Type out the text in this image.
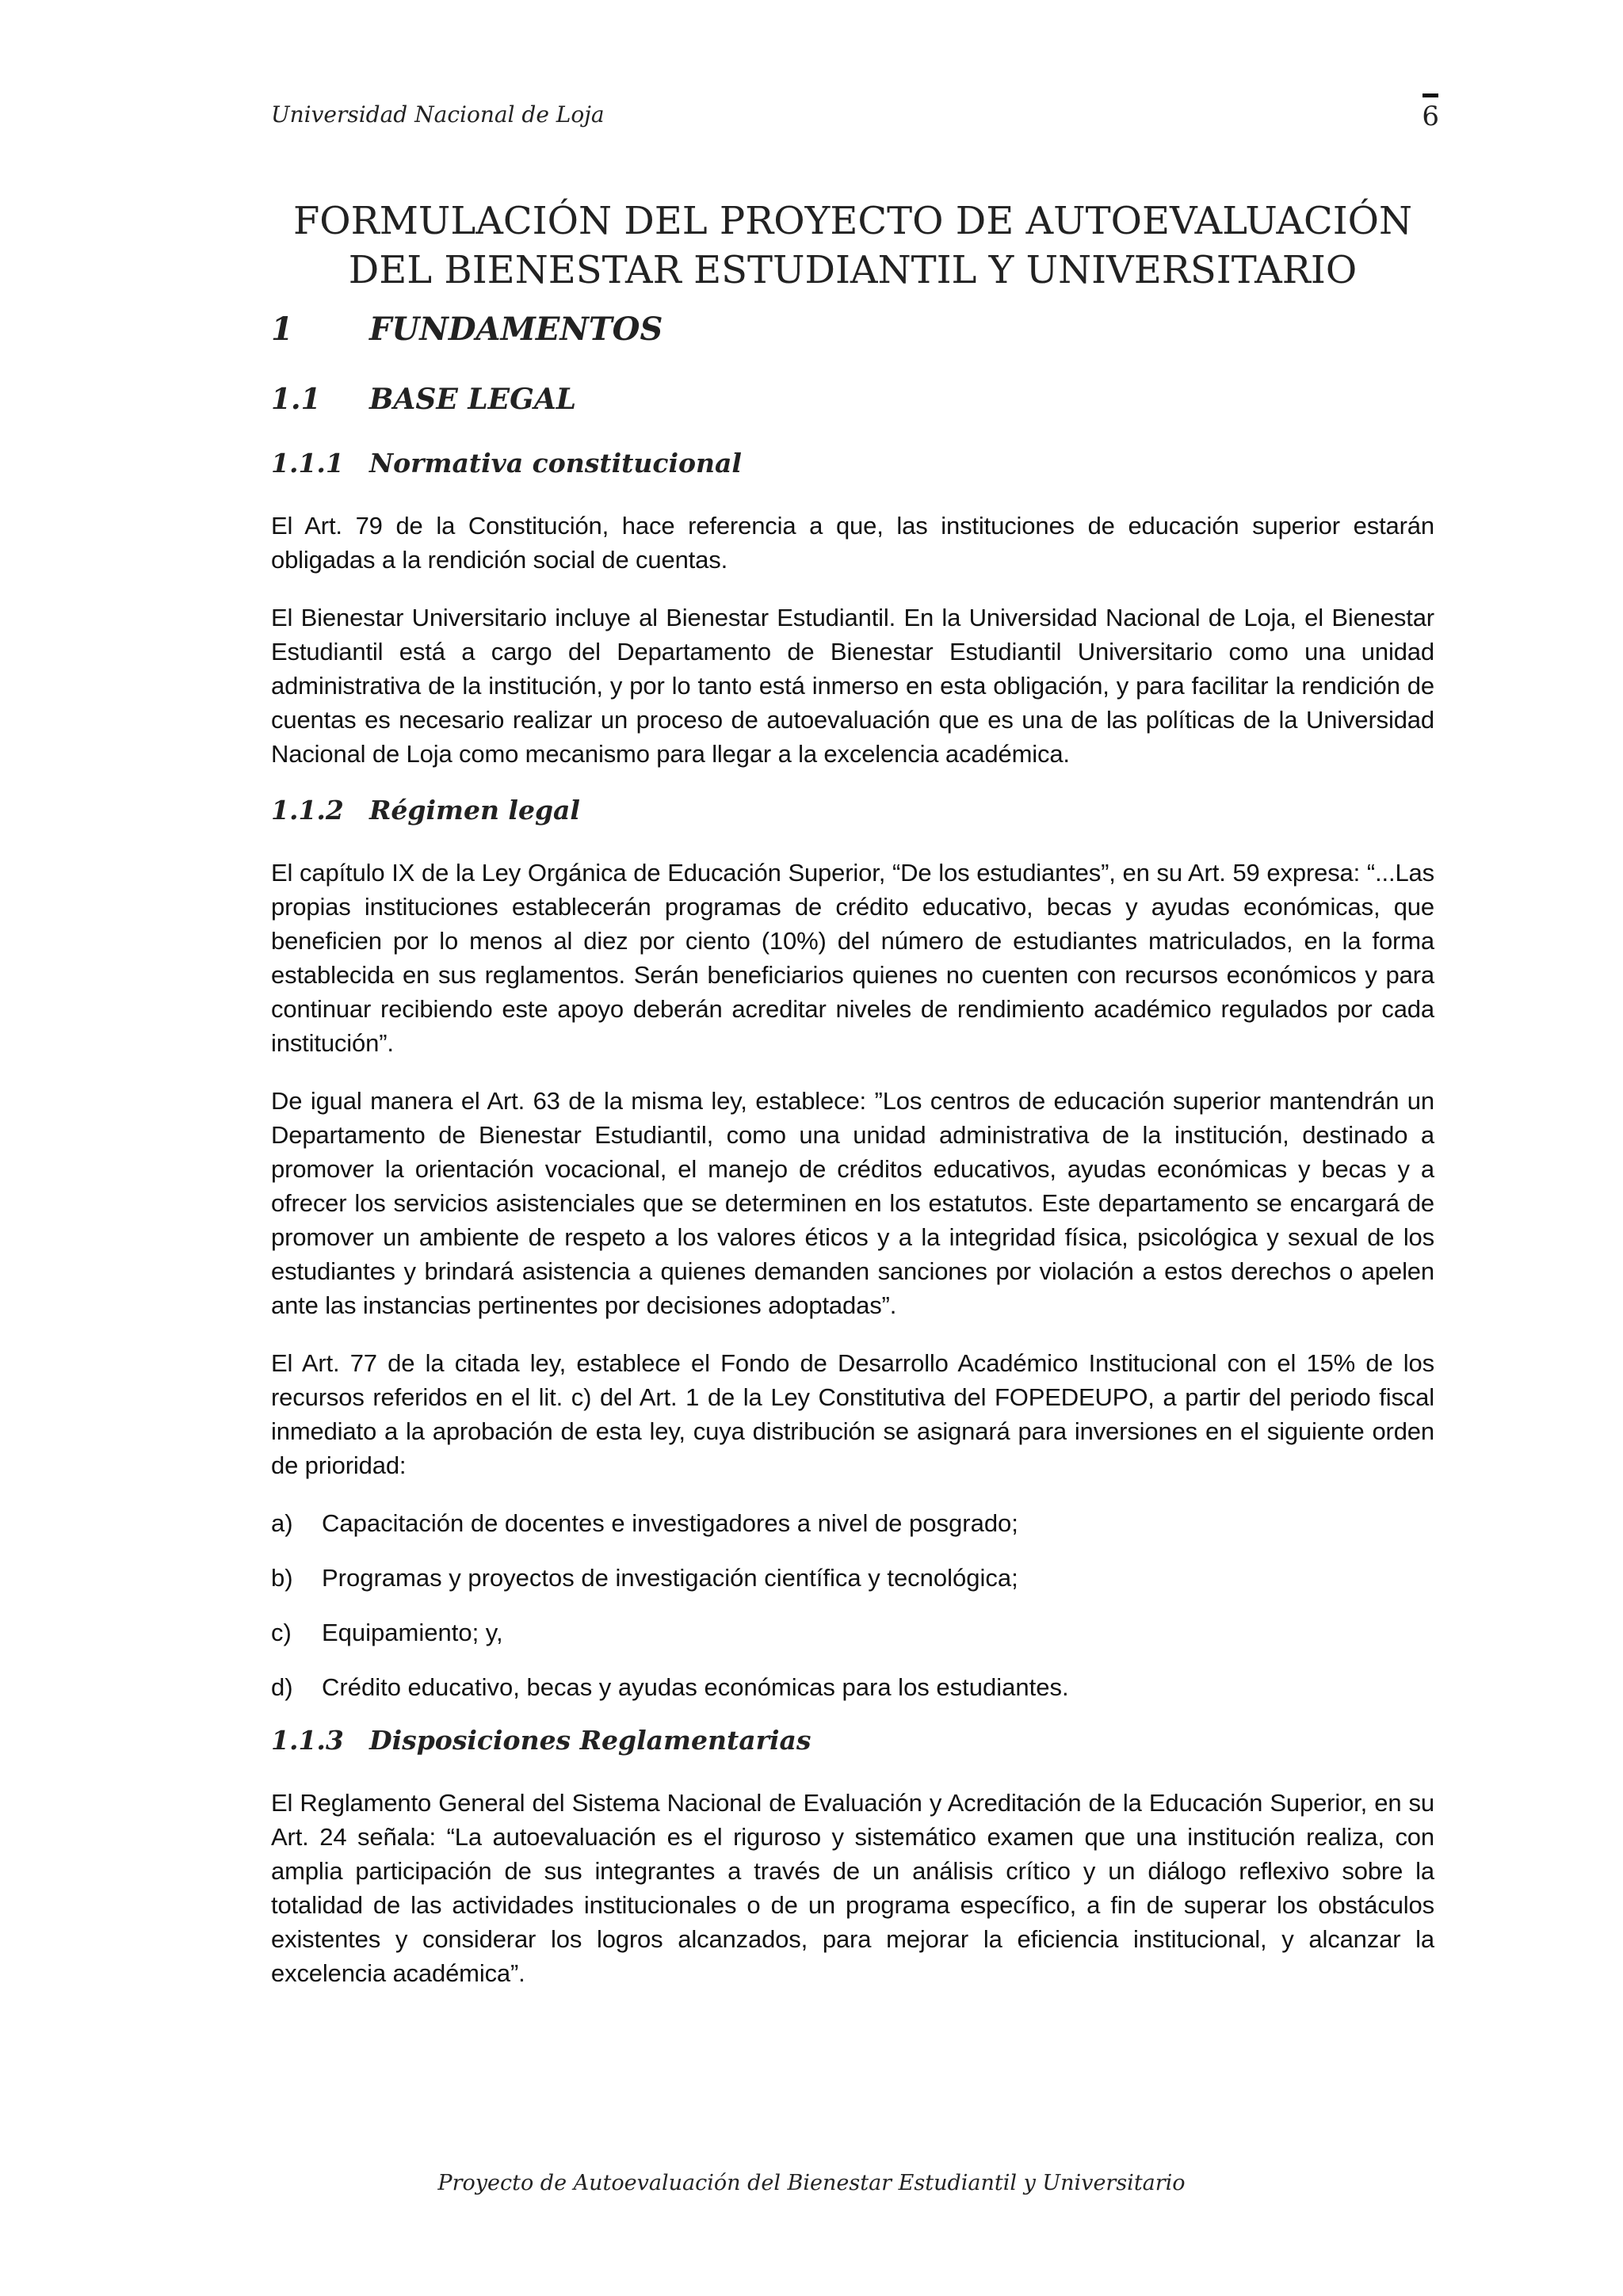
Universidad Nacional de Loja	6
FORMULACIÓN DEL PROYECTO DE AUTOEVALUACIÓN
DEL BIENESTAR ESTUDIANTIL Y UNIVERSITARIO
1	FUNDAMENTOS
1.1	BASE LEGAL
1.1.1 Normativa constitucional

El Art. 79 de la Constitución, hace referencia a que, las instituciones de educación superior estarán obligadas a la rendición social de cuentas.

El Bienestar Universitario incluye al Bienestar Estudiantil. En la Universidad Nacional de Loja, el Bienestar Estudiantil está a cargo del Departamento de Bienestar Estudiantil Universitario como una unidad administrativa de la institución, y por lo tanto está inmerso en esta obligación, y para facilitar la rendición de cuentas es necesario realizar un proceso de autoevaluación que es una de las políticas de la Universidad Nacional de Loja como mecanismo para llegar a la excelencia académica.

1.1.2 Régimen legal

El capítulo IX de la Ley Orgánica de Educación Superior, “De los estudiantes”, en su Art. 59 expresa: “...Las propias instituciones establecerán programas de crédito educativo, becas y ayudas económicas, que beneficien por lo menos al diez por ciento (10%) del número de estudiantes matriculados, en la forma establecida en sus reglamentos. Serán beneficiarios quienes no cuenten con recursos económicos y para continuar recibiendo este apoyo deberán acreditar niveles de rendimiento académico regulados por cada institución”.

De igual manera el Art. 63 de la misma ley, establece: ”Los centros de educación superior mantendrán un Departamento de Bienestar Estudiantil, como una unidad administrativa de la institución, destinado a promover la orientación vocacional, el manejo de créditos educativos, ayudas económicas y becas y a ofrecer los servicios asistenciales que se determinen en los estatutos. Este departamento se encargará de promover un ambiente de respeto a los valores éticos y a la integridad física, psicológica y sexual de los estudiantes y brindará asistencia a quienes demanden sanciones por violación a estos derechos o apelen ante las instancias pertinentes por decisiones adoptadas”.

El Art. 77 de la citada ley, establece el Fondo de Desarrollo Académico Institucional con el 15% de los recursos referidos en el lit. c) del Art. 1 de la Ley Constitutiva del FOPEDEUPO, a partir del periodo fiscal inmediato a la aprobación de esta ley, cuya distribución se asignará para inversiones en el siguiente orden de prioridad:

a)	Capacitación de docentes e investigadores a nivel de posgrado;
b)	Programas y proyectos de investigación científica y tecnológica;
c)	Equipamiento; y,
d)	Crédito educativo, becas y ayudas económicas para los estudiantes.
1.1.3 Disposiciones Reglamentarias

El Reglamento General del Sistema Nacional de Evaluación y Acreditación de la Educación Superior, en su Art. 24 señala: “La autoevaluación es el riguroso y sistemático examen que una institución realiza, con amplia participación de sus integrantes a través de un análisis crítico y un diálogo reflexivo sobre la totalidad de las actividades institucionales o de un programa específico, a fin de superar los obstáculos existentes y considerar los logros alcanzados, para mejorar la eficiencia institucional, y alcanzar la excelencia académica”.

Proyecto de Autoevaluación del Bienestar Estudiantil y Universitario
